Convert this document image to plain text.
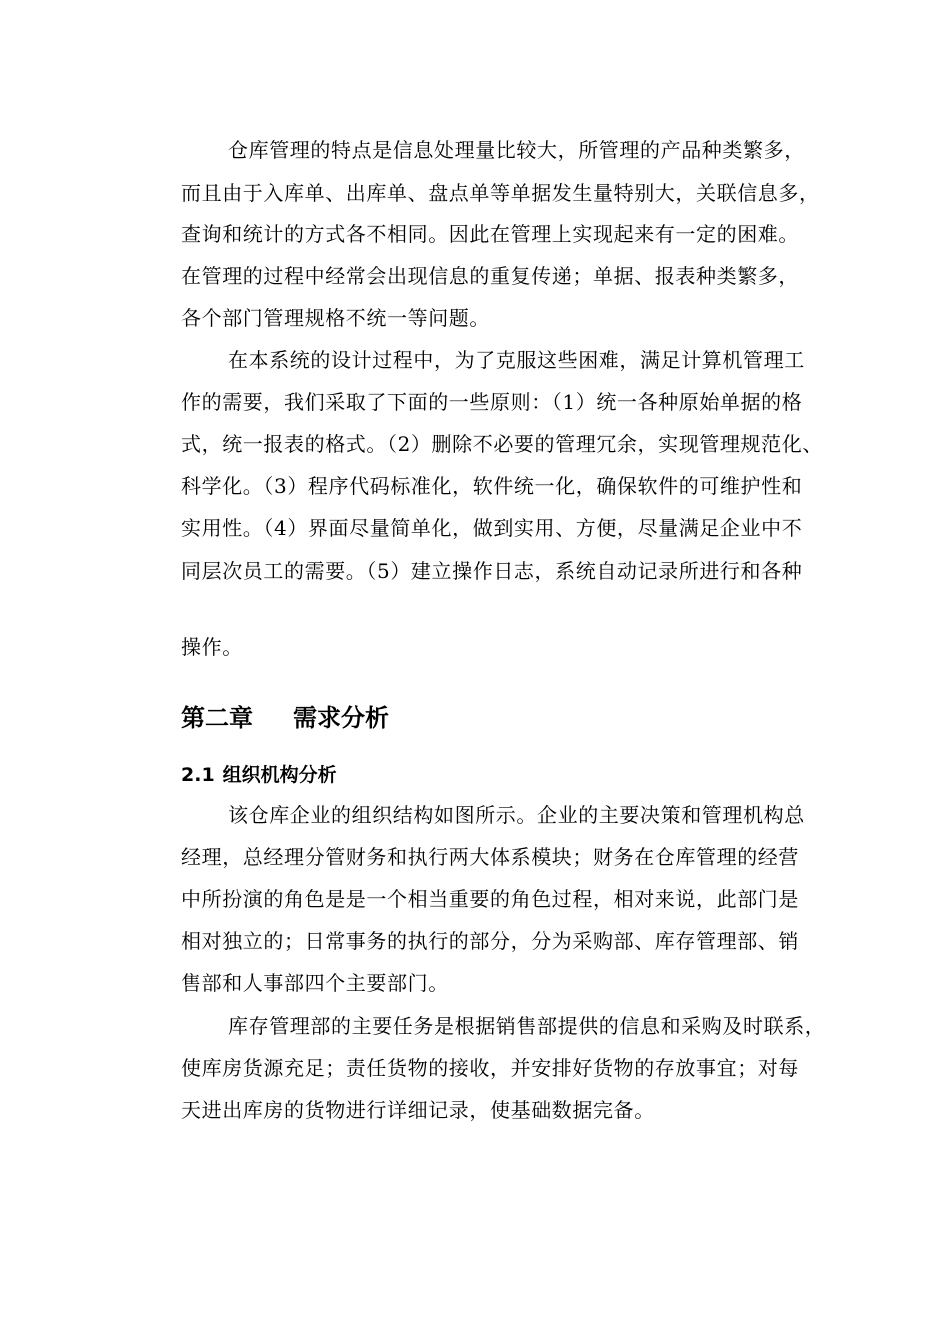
仓库管理的特点是信息处理量比较大，所管理的产品种类繁多，
而且由于入库单、出库单、盘点单等单据发生量特别大，关联信息多，
查询和统计的方式各不相同。因此在管理上实现起来有一定的困难。
在管理的过程中经常会出现信息的重复传递；单据、报表种类繁多，
各个部门管理规格不统一等问题。
在本系统的设计过程中，为了克服这些困难，满足计算机管理工
作的需要，我们采取了下面的一些原则：（1）统一各种原始单据的格
式，统一报表的格式。（2）删除不必要的管理冗余，实现管理规范化、
科学化。（3）程序代码标准化，软件统一化，确保软件的可维护性和
实用性。（4）界面尽量简单化，做到实用、方便，尽量满足企业中不
同层次员工的需要。（5）建立操作日志，系统自动记录所进行和各种
操作。
第二章 需求分析
2.1 组织机构分析
该仓库企业的组织结构如图所示。企业的主要决策和管理机构总
经理，总经理分管财务和执行两大体系模块；财务在仓库管理的经营
中所扮演的角色是是一个相当重要的角色过程，相对来说，此部门是
相对独立的；日常事务的执行的部分，分为采购部、库存管理部、销
售部和人事部四个主要部门。
库存管理部的主要任务是根据销售部提供的信息和采购及时联系，
使库房货源充足；责任货物的接收，并安排好货物的存放事宜；对每
天进出库房的货物进行详细记录，使基础数据完备。
